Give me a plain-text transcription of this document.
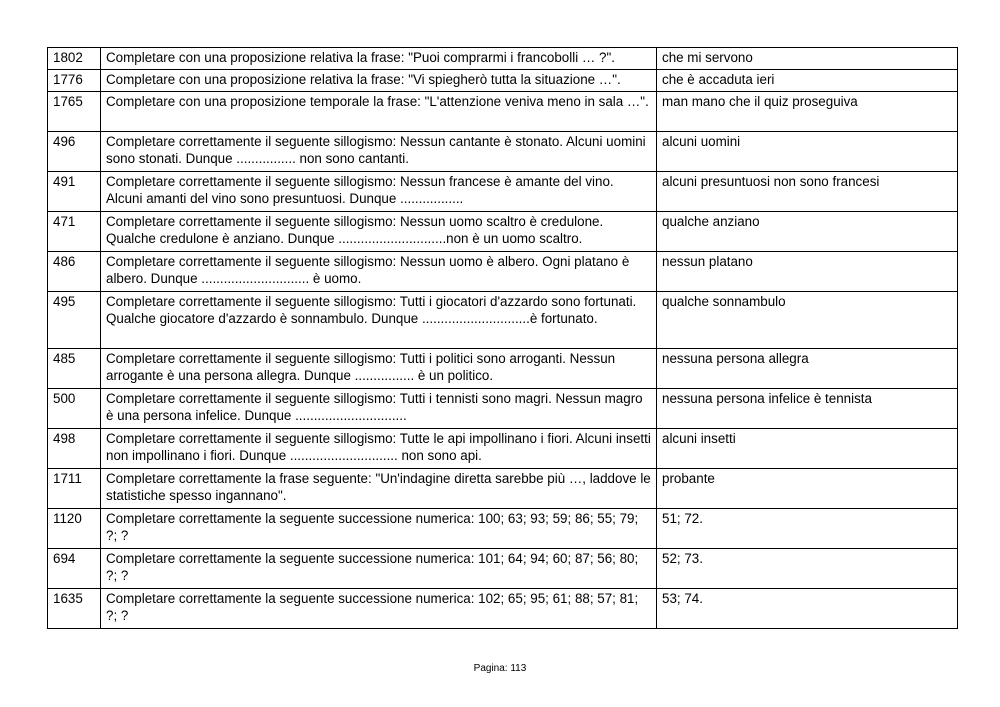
1802	Completare con una proposizione relativa la frase: "Puoi comprarmi i francobolli … ?".	che mi servono
1776	Completare con una proposizione relativa la frase: "Vi spiegherò tutta la situazione …".	che è accaduta ieri
1765	Completare con una proposizione temporale la frase: "L'attenzione veniva meno in sala …".	man mano che il quiz proseguiva
496	Completare correttamente il seguente sillogismo: Nessun cantante è stonato. Alcuni uomini sono stonati. Dunque ................ non sono cantanti.	alcuni uomini
491	Completare correttamente il seguente sillogismo: Nessun francese è amante del vino. Alcuni amanti del vino sono presuntuosi. Dunque .................	alcuni presuntuosi non sono francesi
471	Completare correttamente il seguente sillogismo: Nessun uomo scaltro è credulone. Qualche credulone è anziano. Dunque .............................non è un uomo scaltro.	qualche anziano
486	Completare correttamente il seguente sillogismo: Nessun uomo è albero. Ogni platano è albero. Dunque ............................. è uomo.	nessun platano
495	Completare correttamente il seguente sillogismo: Tutti i giocatori d'azzardo sono fortunati. Qualche giocatore d'azzardo è sonnambulo. Dunque .............................è fortunato.	qualche sonnambulo
485	Completare correttamente il seguente sillogismo: Tutti i politici sono arroganti. Nessun arrogante è una persona allegra. Dunque ................ è un politico.	nessuna persona allegra
500	Completare correttamente il seguente sillogismo: Tutti i tennisti sono magri. Nessun magro è una persona infelice. Dunque ..............................	nessuna persona infelice è tennista
498	Completare correttamente il seguente sillogismo: Tutte le api impollinano i fiori. Alcuni insetti non impollinano i fiori. Dunque ............................. non sono api.	alcuni insetti
1711	Completare correttamente la frase seguente: "Un'indagine diretta sarebbe più …, laddove le statistiche spesso ingannano".	probante
1120	Completare correttamente la seguente successione numerica: 100; 63; 93; 59; 86; 55; 79; ?; ?	51; 72.
694	Completare correttamente la seguente successione numerica: 101; 64; 94; 60; 87; 56; 80; ?; ?	52; 73.
1635	Completare correttamente la seguente successione numerica: 102; 65; 95; 61; 88; 57; 81; ?; ?	53; 74.
Pagina: 113
